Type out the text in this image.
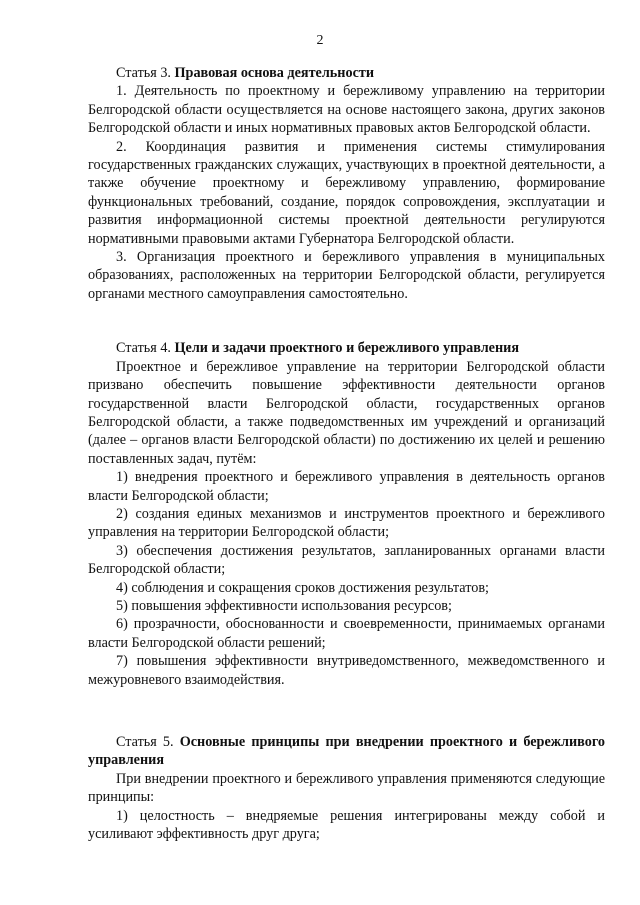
2

Статья 3. Правовая основа деятельности

1. Деятельность по проектному и бережливому управлению на территории Белгородской области осуществляется на основе настоящего закона, других законов Белгородской области и иных нормативных правовых актов Белгородской области.

2. Координация развития и применения системы стимулирования государственных гражданских служащих, участвующих в проектной деятельности, а также обучение проектному и бережливому управлению, формирование функциональных требований, создание, порядок сопровождения, эксплуатации и развития информационной системы проектной деятельности регулируются нормативными правовыми актами Губернатора Белгородской области.

3. Организация проектного и бережливого управления в муниципальных образованиях, расположенных на территории Белгородской области, регулируется органами местного самоуправления самостоятельно.

Статья 4. Цели и задачи проектного и бережливого управления

Проектное и бережливое управление на территории Белгородской области призвано обеспечить повышение эффективности деятельности органов государственной власти Белгородской области, государственных органов Белгородской области, а также подведомственных им учреждений и организаций (далее – органов власти Белгородской области) по достижению их целей и решению поставленных задач, путём:

1) внедрения проектного и бережливого управления в деятельность органов власти Белгородской области;

2) создания единых механизмов и инструментов проектного и бережливого управления на территории Белгородской области;

3) обеспечения достижения результатов, запланированных органами власти Белгородской области;

4) соблюдения и сокращения сроков достижения результатов;

5) повышения эффективности использования ресурсов;

6) прозрачности, обоснованности и своевременности, принимаемых органами власти Белгородской области решений;

7) повышения эффективности внутриведомственного, межведомственного и межуровневого взаимодействия.

Статья 5. Основные принципы при внедрении проектного и бережливого управления

При внедрении проектного и бережливого управления применяются следующие принципы:

1) целостность – внедряемые решения интегрированы между собой и усиливают эффективность друг друга;
